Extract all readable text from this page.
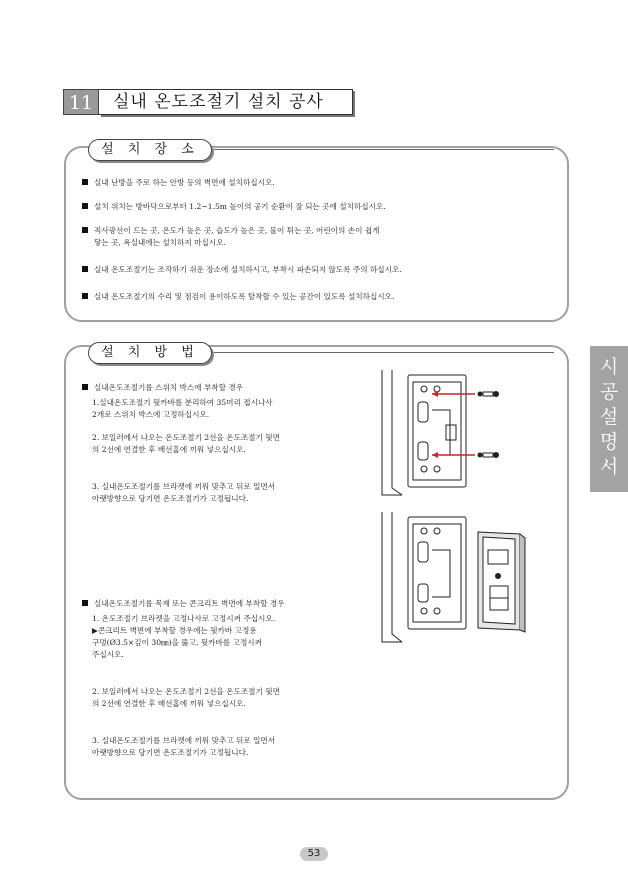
11	실내 온도조절기 설치 공사
설 치 장 소
실내 난방을 주로 하는 안방 등의 벽면에 설치하십시오.
설치 위치는 방바닥으로부터 1.2∼1.5m 높이의 공기 순환이 잘 되는 곳에 설치하십시오.
직사광선이 드는 곳, 온도가 높은 곳, 습도가 높은 곳, 물이 튀는 곳, 어린이의 손이 쉽게
닿는 곳, 욕실내에는 설치하지 마십시오.
실내 온도조절기는 조작하기 쉬운 장소에 설치하시고, 부착시 파손되지 않도록 주의 하십시오.
실내 온도조절기의 수리 및 점검이 용이하도록 탈착할 수 있는 공간이 있도록 설치하십시오.
설 치 방 법
실내온도조절기를 스위치 박스에 부착할 경우
1.실내온도조절기 뒷카바를 분리하여 35머리 접시나사
2개로 스위치 박스에 고정하십시오.
2. 보일러에서 나오는 온도조절기 2선을 온도조절기 뒷면
의 2선에 연결한 후 배선홈에 끼워 넣으십시오.
3. 실내온도조절기를 브라켓에 끼워 맞추고 뒤로 밀면서
아랫방향으로 당기면 온도조절기가 고정됩니다.
실내온도조절기를 목재 또는 콘크리트 벽면에 부착할 경우
1. 온도조절기 브라켓을 고정나사로 고정시켜 주십시오.
▶콘크리트 벽면에 부착할 경우에는 뒷카바 고정용
구멍(Ø3.5×깊이 30㎜)을 뚫고, 뒷카바를 고정시켜
주십시오.
2. 보일러에서 나오는 온도조절기 2선을 온도조절기 뒷면
의 2선에 연결한 후 배선홈에 끼워 넣으십시오.
3. 실내온도조절기를 브라켓에 끼워 맞추고 뒤로 밀면서
아랫방향으로 당기면 온도조절기가 고정됩니다.
시
공
설
명
서
53
